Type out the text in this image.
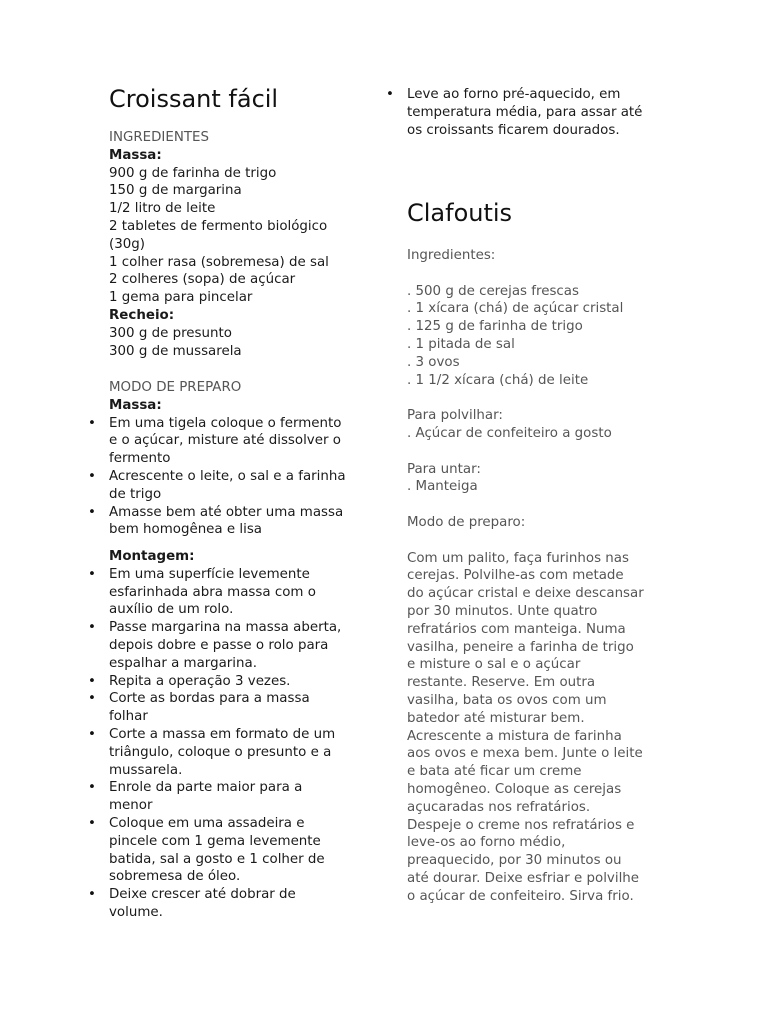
Croissant fácil

INGREDIENTES

Massa:

900 g de farinha de trigo

150 g de margarina

1/2 litro de leite

2 tabletes de fermento biológico

(30g)

1 colher rasa (sobremesa) de sal

2 colheres (sopa) de açúcar

1 gema para pincelar

Recheio:

300 g de presunto

300 g de mussarela

MODO DE PREPARO

Massa:

• Em uma tigela coloque o fermento

e o açúcar, misture até dissolver o

fermento

• Acrescente o leite, o sal e a farinha

de trigo

• Amasse bem até obter uma massa

bem homogênea e lisa

Montagem:

• Em uma superfície levemente

esfarinhada abra massa com o

auxílio de um rolo.

• Passe margarina na massa aberta,

depois dobre e passe o rolo para

espalhar a margarina.

• Repita a operação 3 vezes.

• Corte as bordas para a massa

folhar

• Corte a massa em formato de um

triângulo, coloque o presunto e a

mussarela.

• Enrole da parte maior para a

menor

• Coloque em uma assadeira e

pincele com 1 gema levemente

batida, sal a gosto e 1 colher de

sobremesa de óleo.

• Deixe crescer até dobrar de

volume.

• Leve ao forno pré-aquecido, em

temperatura média, para assar até

os croissants ficarem dourados.

Clafoutis

Ingredientes:

. 500 g de cerejas frescas

. 1 xícara (chá) de açúcar cristal

. 125 g de farinha de trigo

. 1 pitada de sal

. 3 ovos

. 1 1/2 xícara (chá) de leite

Para polvilhar:

. Açúcar de confeiteiro a gosto

Para untar:

. Manteiga

Modo de preparo:

Com um palito, faça furinhos nas

cerejas. Polvilhe-as com metade

do açúcar cristal e deixe descansar

por 30 minutos. Unte quatro

refratários com manteiga. Numa

vasilha, peneire a farinha de trigo

e misture o sal e o açúcar

restante. Reserve. Em outra

vasilha, bata os ovos com um

batedor até misturar bem.

Acrescente a mistura de farinha

aos ovos e mexa bem. Junte o leite

e bata até ficar um creme

homogêneo. Coloque as cerejas

açucaradas nos refratários.

Despeje o creme nos refratários e

leve-os ao forno médio,

preaquecido, por 30 minutos ou

até dourar. Deixe esfriar e polvilhe

o açúcar de confeiteiro. Sirva frio.
